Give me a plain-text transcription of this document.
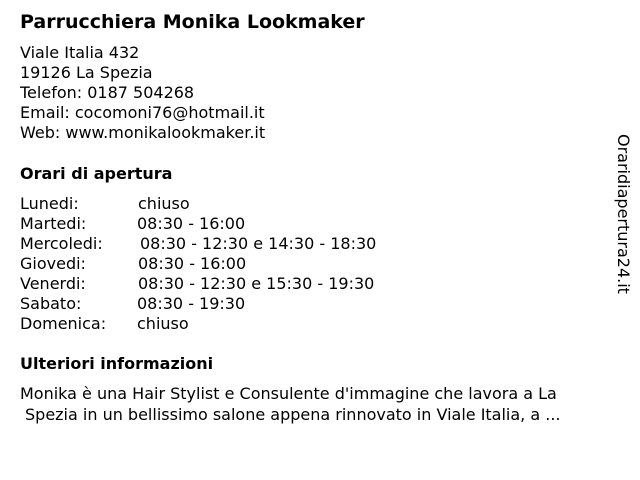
Parrucchiera Monika Lookmaker
Viale Italia 432
19126 La Spezia
Telefon: 0187 504268
Email: cocomoni76@hotmail.it
Web: www.monikalookmaker.it
Orari di apertura
Lunedi:	chiuso
Martedi:	08:30 - 16:00
Mercoledi: 08:30 - 12:30 e 14:30 - 18:30
Giovedi:	08:30 - 16:00
Venerdi:	08:30 - 12:30 e 15:30 - 19:30
Sabato:	08:30 - 19:30
Domenica: chiuso
Ulteriori informazioni
Monika è una Hair Stylist e Consulente d'immagine che lavora a La
Spezia in un bellissimo salone appena rinnovato in Viale Italia, a ...
Oraridiapertura24.it
